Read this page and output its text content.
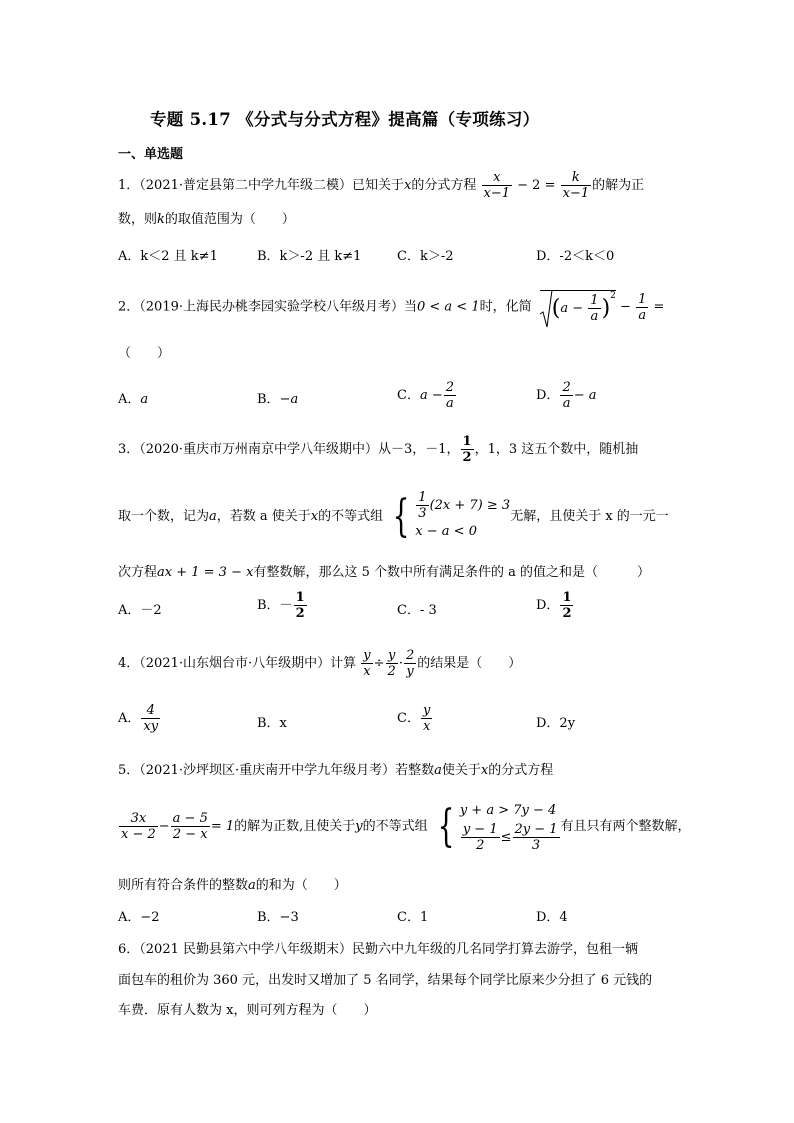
专题 5.17 《分式与分式方程》提高篇（专项练习）
一、单选题
1．（2021·普定县第二中学九年级二模）已知关于x的分式方程 $\frac{x}{x-1} - 2 = \frac{k}{x-1}$ 的解为正
数，则k的取值范围为（　　）
A．k＜2 且 k≠1	B．k＞-2 且 k≠1	C．k＞-2	D．-2＜k＜0
2．（2019·上海民办桃李园实验学校八年级月考）当0 < a < 1时，化简 $(a - \frac{1}{a} )^2 - \frac{1}{a}$ =
（　　）
A．a	B．−a	C．$a - \frac{2}{a}$	D． $\frac{2}{a} - a$
3．（2020·重庆市万州南京中学八年级期中）从－3，－1， $\frac{1}{2}$ ，1，3 这五个数中，随机抽
取一个数，记为a，若数 a 使关于x的不等式组 { $\frac{1}{3} (2x + 7) \ge 3$
x − a < 0
无解，且使关于 x 的一元一
次方程ax + 1 = 3 − x有整数解，那么这 5 个数中所有满足条件的 a 的值之和是（　　　）
A．－2	B．－ $\frac{1}{2}$	C．- 3	D． $\frac{1}{2}$
4．（2021·山东烟台市·八年级期中）计算 $\frac{y}{x} \div \frac{y}{2} \cdot \frac{2}{y}$ 的结果是（　　）
A． $\frac{4}{xy}$	B．x	C． $\frac{y}{x}$	D．2y
5．（2021·沙坪坝区·重庆南开中学九年级月考）若整数a使关于x的分式方程
$\frac{3x}{x - 2} - \frac{a - 5}{2 - x} = 1$的解为正数,且使关于y的不等式组 { y + a > 7y − 4
$\frac{y - 1}{2} \le \frac{2y - 1}{3}$ 有且只有两个整数解，
则所有符合条件的整数a的和为（　　）
A．−2	B．−3	C．1	D．4
6．（2021 民勤县第六中学八年级期末）民勤六中九年级的几名同学打算去游学，包租一辆
面包车的租价为 360 元，出发时又增加了 5 名同学，结果每个同学比原来少分担了 6 元钱的
车费．原有人数为 x，则可列方程为（　　）
